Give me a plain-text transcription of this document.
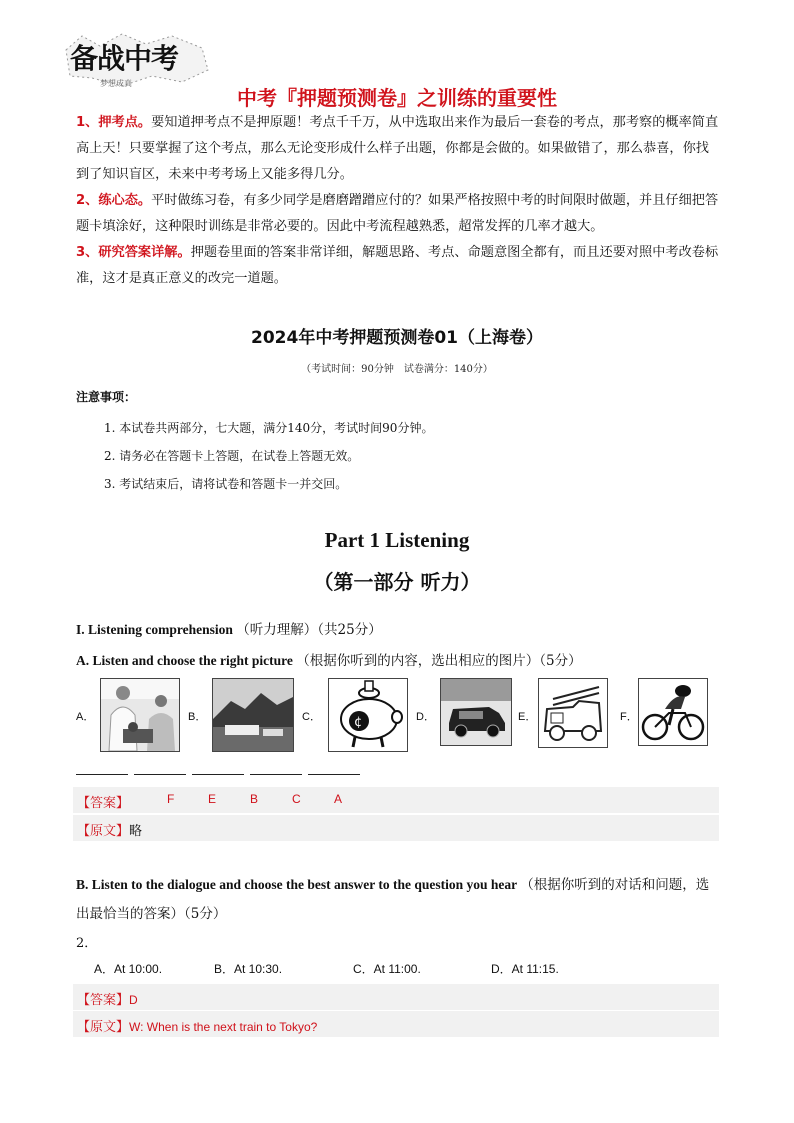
备战中考
梦想成真
中考『押题预测卷』之训练的重要性

1、押考点。要知道押考点不是押原题！考点千千万，从中选取出来作为最后一套卷的考点，那考察的概率简直高上天！只要掌握了这个考点，那么无论变形成什么样子出题，你都是会做的。如果做错了，那么恭喜，你找到了知识盲区，未来中考考场上又能多得几分。

2、练心态。平时做练习卷，有多少同学是磨磨蹭蹭应付的？如果严格按照中考的时间限时做题，并且仔细把答题卡填涂好，这种限时训练是非常必要的。因此中考流程越熟悉，超常发挥的几率才越大。

3、研究答案详解。押题卷里面的答案非常详细，解题思路、考点、命题意图全都有，而且还要对照中考改卷标准，这才是真正意义的改完一道题。

2024年中考押题预测卷01（上海卷）
（考试时间：90分钟　试卷满分：140分）
注意事项：
1. 本试卷共两部分，七大题，满分140分，考试时间90分钟。
2. 请务必在答题卡上答题，在试卷上答题无效。
3. 考试结束后，请将试卷和答题卡一并交回。
Part 1 Listening
（第一部分 听力）
I. Listening comprehension （听力理解）（共25分）
A. Listen and choose the right picture （根据你听到的内容，选出相应的图片）（5分）
A．	B．	C．	¢	D．	E．	F．
【答案】	F	E	B	C	A
【原文】略
B. Listen to the dialogue and choose the best answer to the question you hear （根据你听到的对话和问题，选出最恰当的答案）（5分）
2．
A．At 10:00.	B．At 10:30.	C．At 11:00.	D．At 11:15.
【答案】D
【原文】W: When is the next train to Tokyo?
